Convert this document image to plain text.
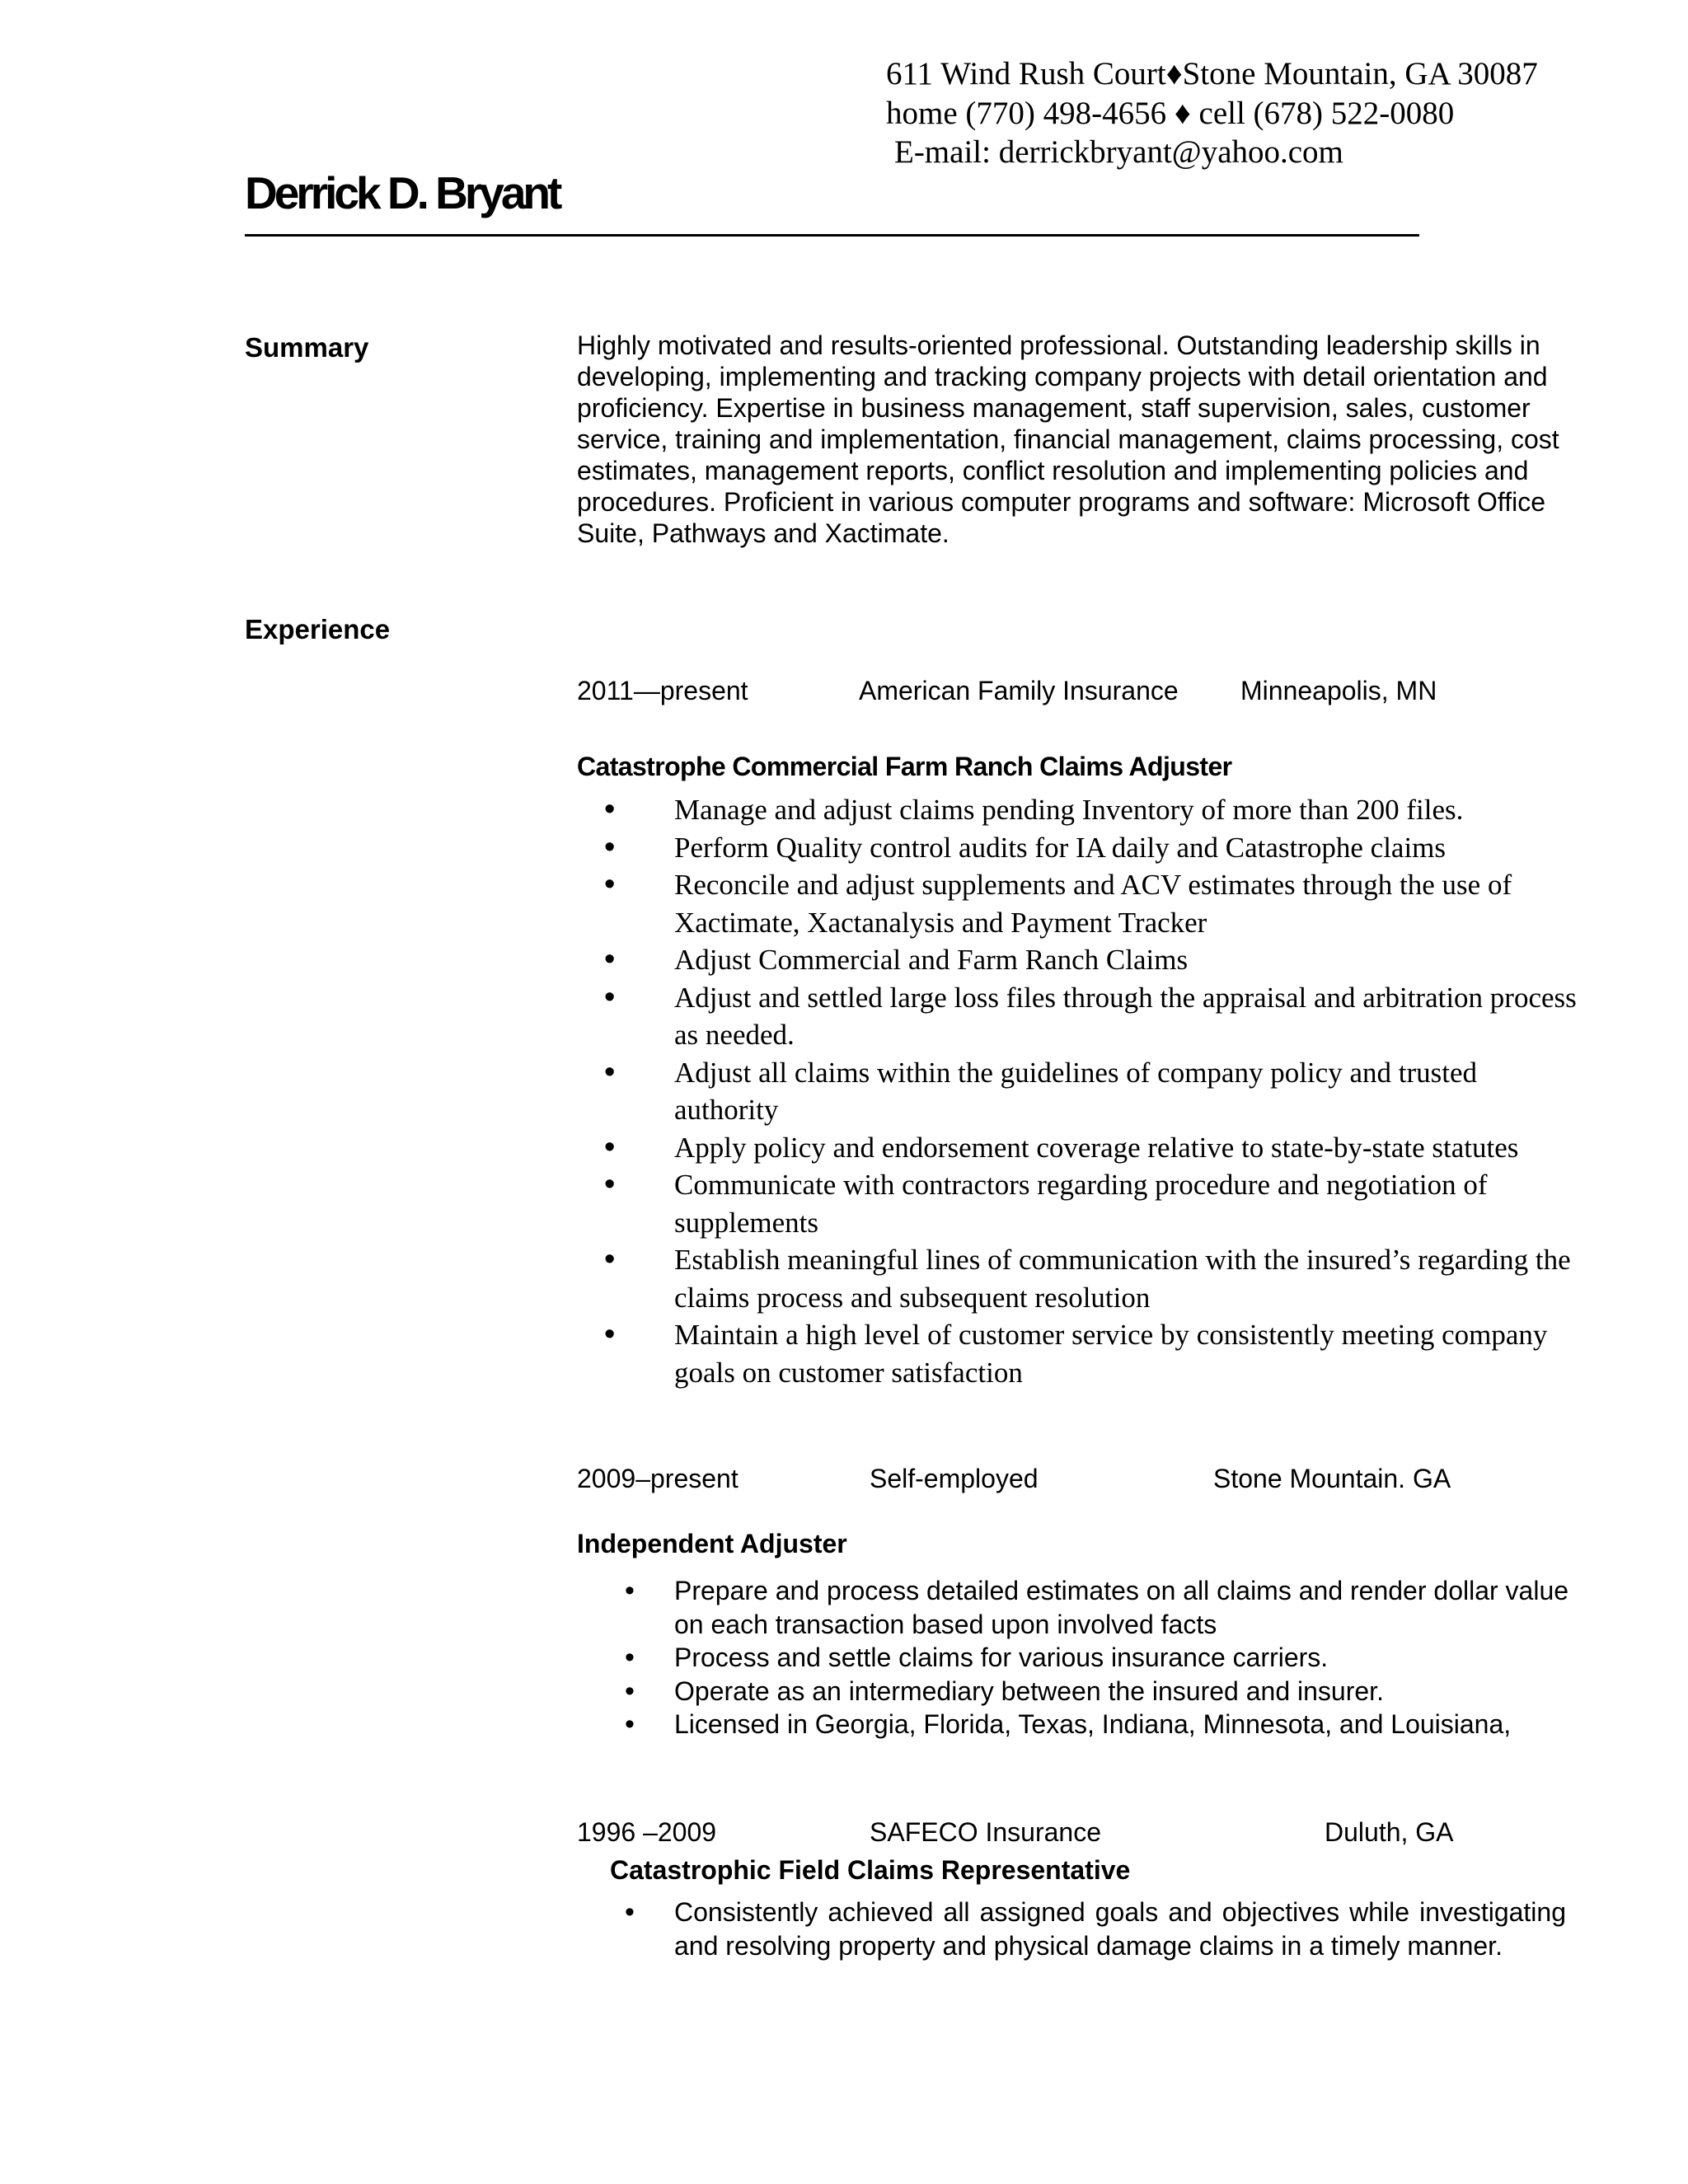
611 Wind Rush Court♦Stone Mountain, GA 30087
home (770) 498-4656 ♦ cell (678) 522-0080
E-mail: derrickbryant@yahoo.com
Derrick D. Bryant
Summary	Highly motivated and results-oriented professional. Outstanding leadership skills in developing, implementing and tracking company projects with detail orientation and proficiency. Expertise in business management, staff supervision, sales, customer service, training and implementation, financial management, claims processing, cost estimates, management reports, conflict resolution and implementing policies and procedures. Proficient in various computer programs and software: Microsoft Office Suite, Pathways and Xactimate.
Experience
2011—present	American Family Insurance Minneapolis, MN
Catastrophe Commercial Farm Ranch Claims Adjuster
• Manage and adjust claims pending Inventory of more than 200 files.
• Perform Quality control audits for IA daily and Catastrophe claims
• Reconcile and adjust supplements and ACV estimates through the use of Xactimate, Xactanalysis and Payment Tracker
• Adjust Commercial and Farm Ranch Claims
• Adjust and settled large loss files through the appraisal and arbitration process as needed.
• Adjust all claims within the guidelines of company policy and trusted authority
• Apply policy and endorsement coverage relative to state-by-state statutes
• Communicate with contractors regarding procedure and negotiation of supplements
• Establish meaningful lines of communication with the insured’s regarding the claims process and subsequent resolution
• Maintain a high level of customer service by consistently meeting company goals on customer satisfaction
2009–present	Self-employed	Stone Mountain. GA
Independent Adjuster
• Prepare and process detailed estimates on all claims and render dollar value on each transaction based upon involved facts
• Process and settle claims for various insurance carriers.
• Operate as an intermediary between the insured and insurer.
• Licensed in Georgia, Florida, Texas, Indiana, Minnesota, and Louisiana,
1996 –2009	SAFECO Insurance	Duluth, GA
Catastrophic Field Claims Representative
• Consistently achieved all assigned goals and objectives while investigating and resolving property and physical damage claims in a timely manner.
